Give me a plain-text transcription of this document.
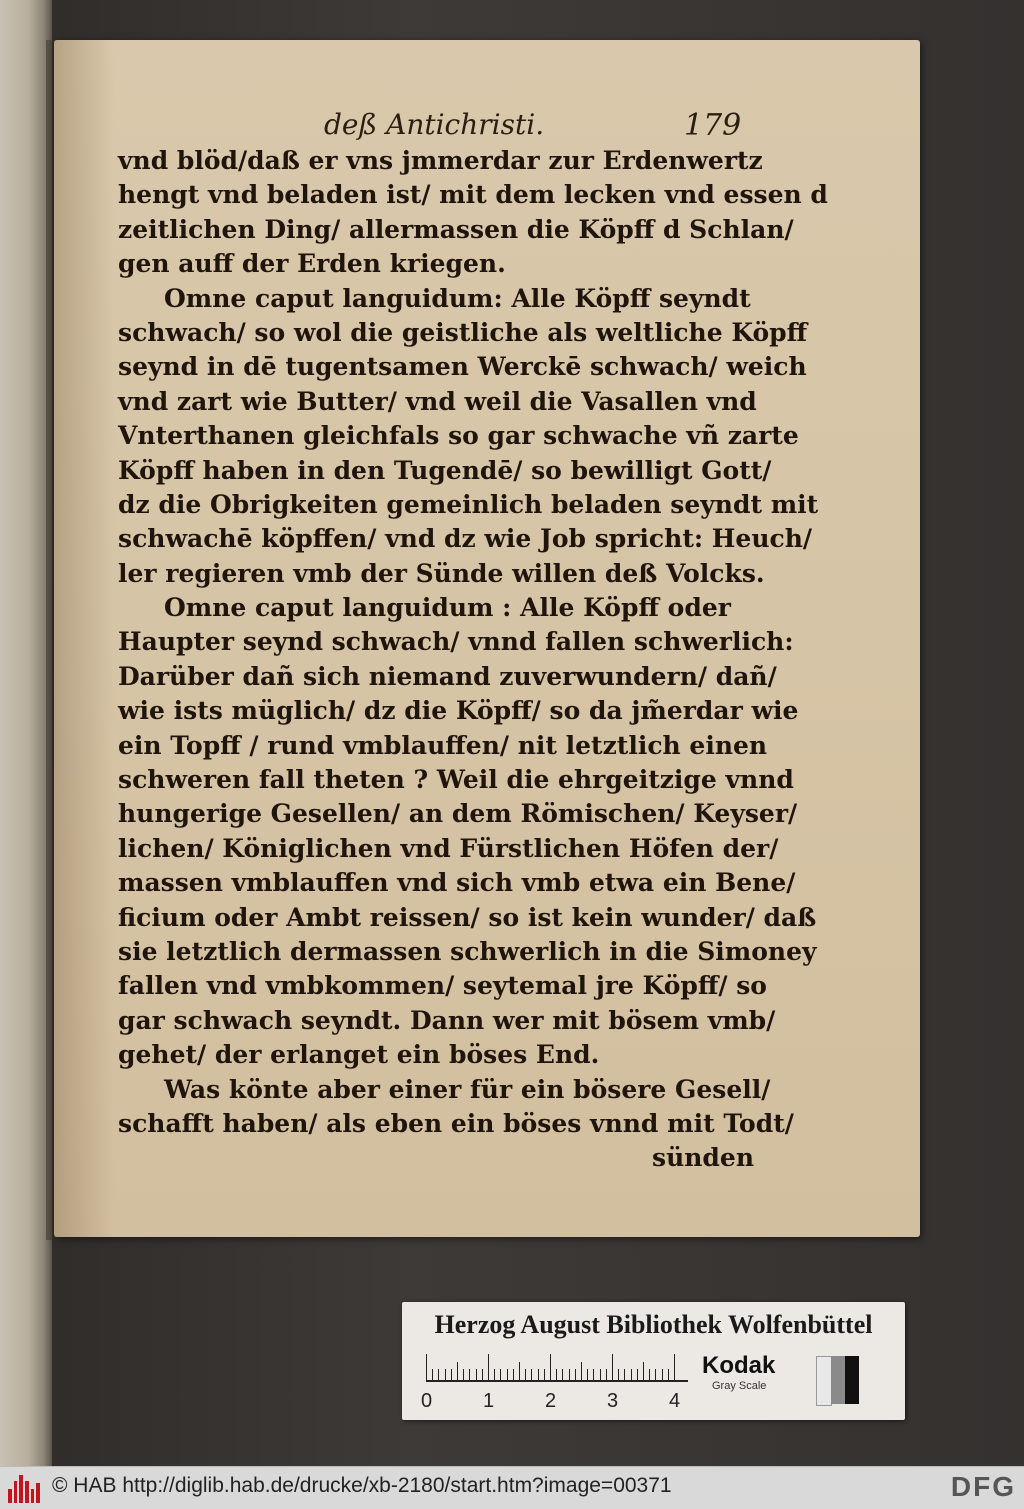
deß Antichristi.	179
vnd blöd/daß er vns jmmerdar zur Erdenwertz
hengt vnd beladen ist/ mit dem lecken vnd essen d
zeitlichen Ding/ allermassen die Köpff d Schlan/
gen auff der Erden kriegen.
Omne caput languidum: Alle Köpff seyndt
schwach/ so wol die geistliche als weltliche Köpff
seynd in dē tugentsamen Werckē schwach/ weich
vnd zart wie Butter/ vnd weil die Vasallen vnd
Vnterthanen gleichfals so gar schwache vñ zarte
Köpff haben in den Tugendē/ so bewilligt Gott/
dz die Obrigkeiten gemeinlich beladen seyndt mit
schwachē köpffen/ vnd dz wie Job spricht: Heuch/
ler regieren vmb der Sünde willen deß Volcks.
Omne caput languidum : Alle Köpff oder
Haupter seynd schwach/ vnnd fallen schwerlich:
Darüber dañ sich niemand zuverwundern/ dañ/
wie ists müglich/ dz die Köpff/ so da jm̃erdar wie
ein Topff / rund vmblauffen/ nit letztlich einen
schweren fall theten ? Weil die ehrgeitzige vnnd
hungerige Gesellen/ an dem Römischen/ Keyser/
lichen/ Königlichen vnd Fürstlichen Höfen der/
massen vmblauffen vnd sich vmb etwa ein Bene/
ficium oder Ambt reissen/ so ist kein wunder/ daß
sie letztlich dermassen schwerlich in die Simoney
fallen vnd vmbkommen/ seytemal jre Köpff/ so
gar schwach seyndt. Dann wer mit bösem vmb/
gehet/ der erlanget ein böses End.
Was könte aber einer für ein bösere Gesell/
schafft haben/ als eben ein böses vnnd mit Todt/
sünden
Herzog August Bibliothek Wolfenbüttel
0	1	2	3	4
Kodak
Gray Scale
© HAB http://diglib.hab.de/drucke/xb-2180/start.htm?image=00371	DFG
